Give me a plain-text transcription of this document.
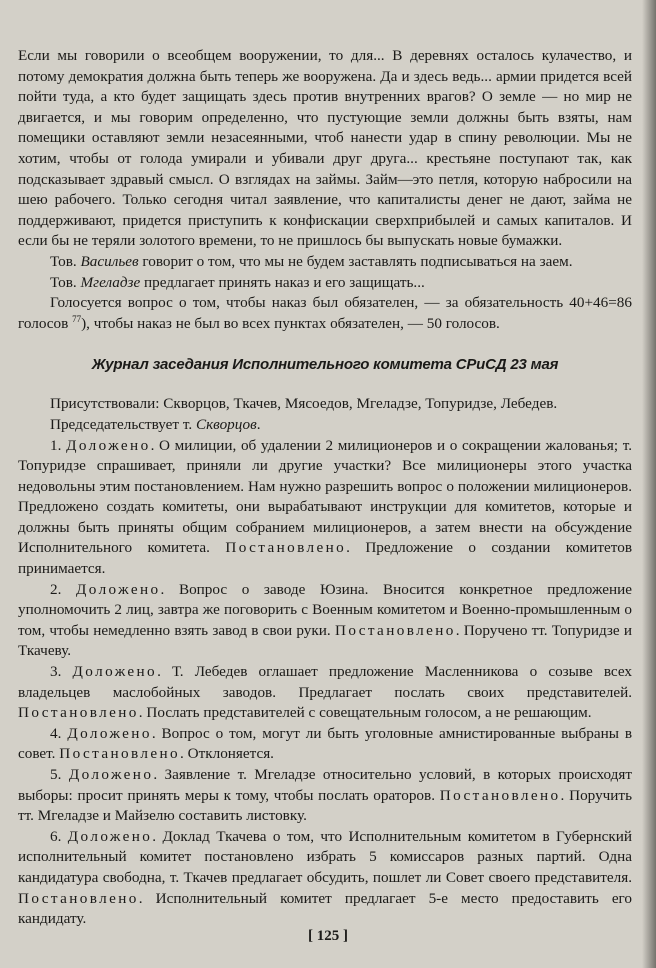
Если мы говорили о всеобщем вооружении, то для... В деревнях осталось кулачество, и потому демократия должна быть теперь же вооружена. Да и здесь ведь... армии придется всей пойти туда, а кто будет защищать здесь против внутренних врагов? О земле — но мир не двигается, и мы говорим определенно, что пустующие земли должны быть взяты, нам помещики оставляют земли незасеянными, чтоб нанести удар в спину революции. Мы не хотим, чтобы от голода умирали и убивали друг друга... крестьяне поступают так, как подсказывает здравый смысл. О взглядах на займы. Займ—это петля, которую набросили на шею рабочего. Только сегодня читал заявление, что капиталисты денег не дают, займа не поддерживают, придется приступить к конфискации сверхприбылей и самых капиталов. И если бы не теряли золотого времени, то не пришлось бы выпускать новые бумажки.

Тов. Васильев говорит о том, что мы не будем заставлять подписываться на заем.

Тов. Мгеладзе предлагает принять наказ и его защищать...

Голосуется вопрос о том, чтобы наказ был обязателен, — за обязательность 40+46=86 голосов $^{77}$), чтобы наказ не был во всех пунктах обязателен, — 50 голосов.

Журнал заседания Исполнительного комитета СРиСД 23 мая

Присутствовали: Скворцов, Ткачев, Мясоедов, Мгеладзе, Топуридзе, Лебедев.

Председательствует т. Скворцов.

1. Доложено. О милиции, об удалении 2 милиционеров и о сокращении жалованья; т. Топуридзе спрашивает, приняли ли другие участки? Все милиционеры этого участка недовольны этим постановлением. Нам нужно разрешить вопрос о положении милиционеров. Предложено создать комитеты, они вырабатывают инструкции для комитетов, которые и должны быть приняты общим собранием милиционеров, а затем внести на обсуждение Исполнительного комитета. Постановлено. Предложение о создании комитетов принимается.

2. Доложено. Вопрос о заводе Юзина. Вносится конкретное предложение уполномочить 2 лиц, завтра же поговорить с Военным комитетом и Военно-промышленным о том, чтобы немедленно взять завод в свои руки. Постановлено. Поручено тт. Топуридзе и Ткачеву.

3. Доложено. Т. Лебедев оглашает предложение Масленникова о созыве всех владельцев маслобойных заводов. Предлагает послать своих представителей. Постановлено. Послать представителей с совещательным голосом, а не решающим.

4. Доложено. Вопрос о том, могут ли быть уголовные амнистированные выбраны в совет. Постановлено. Отклоняется.

5. Доложено. Заявление т. Мгеладзе относительно условий, в которых происходят выборы: просит принять меры к тому, чтобы послать ораторов. Постановлено. Поручить тт. Мгеладзе и Майзелю составить листовку.

6. Доложено. Доклад Ткачева о том, что Исполнительным комитетом в Губернский исполнительный комитет постановлено избрать 5 комиссаров разных партий. Одна кандидатура свободна, т. Ткачев предлагает обсудить, пошлет ли Совет своего представителя. Постановлено. Исполнительный комитет предлагает 5-е место предоставить его кандидату.

[ 125 ]
